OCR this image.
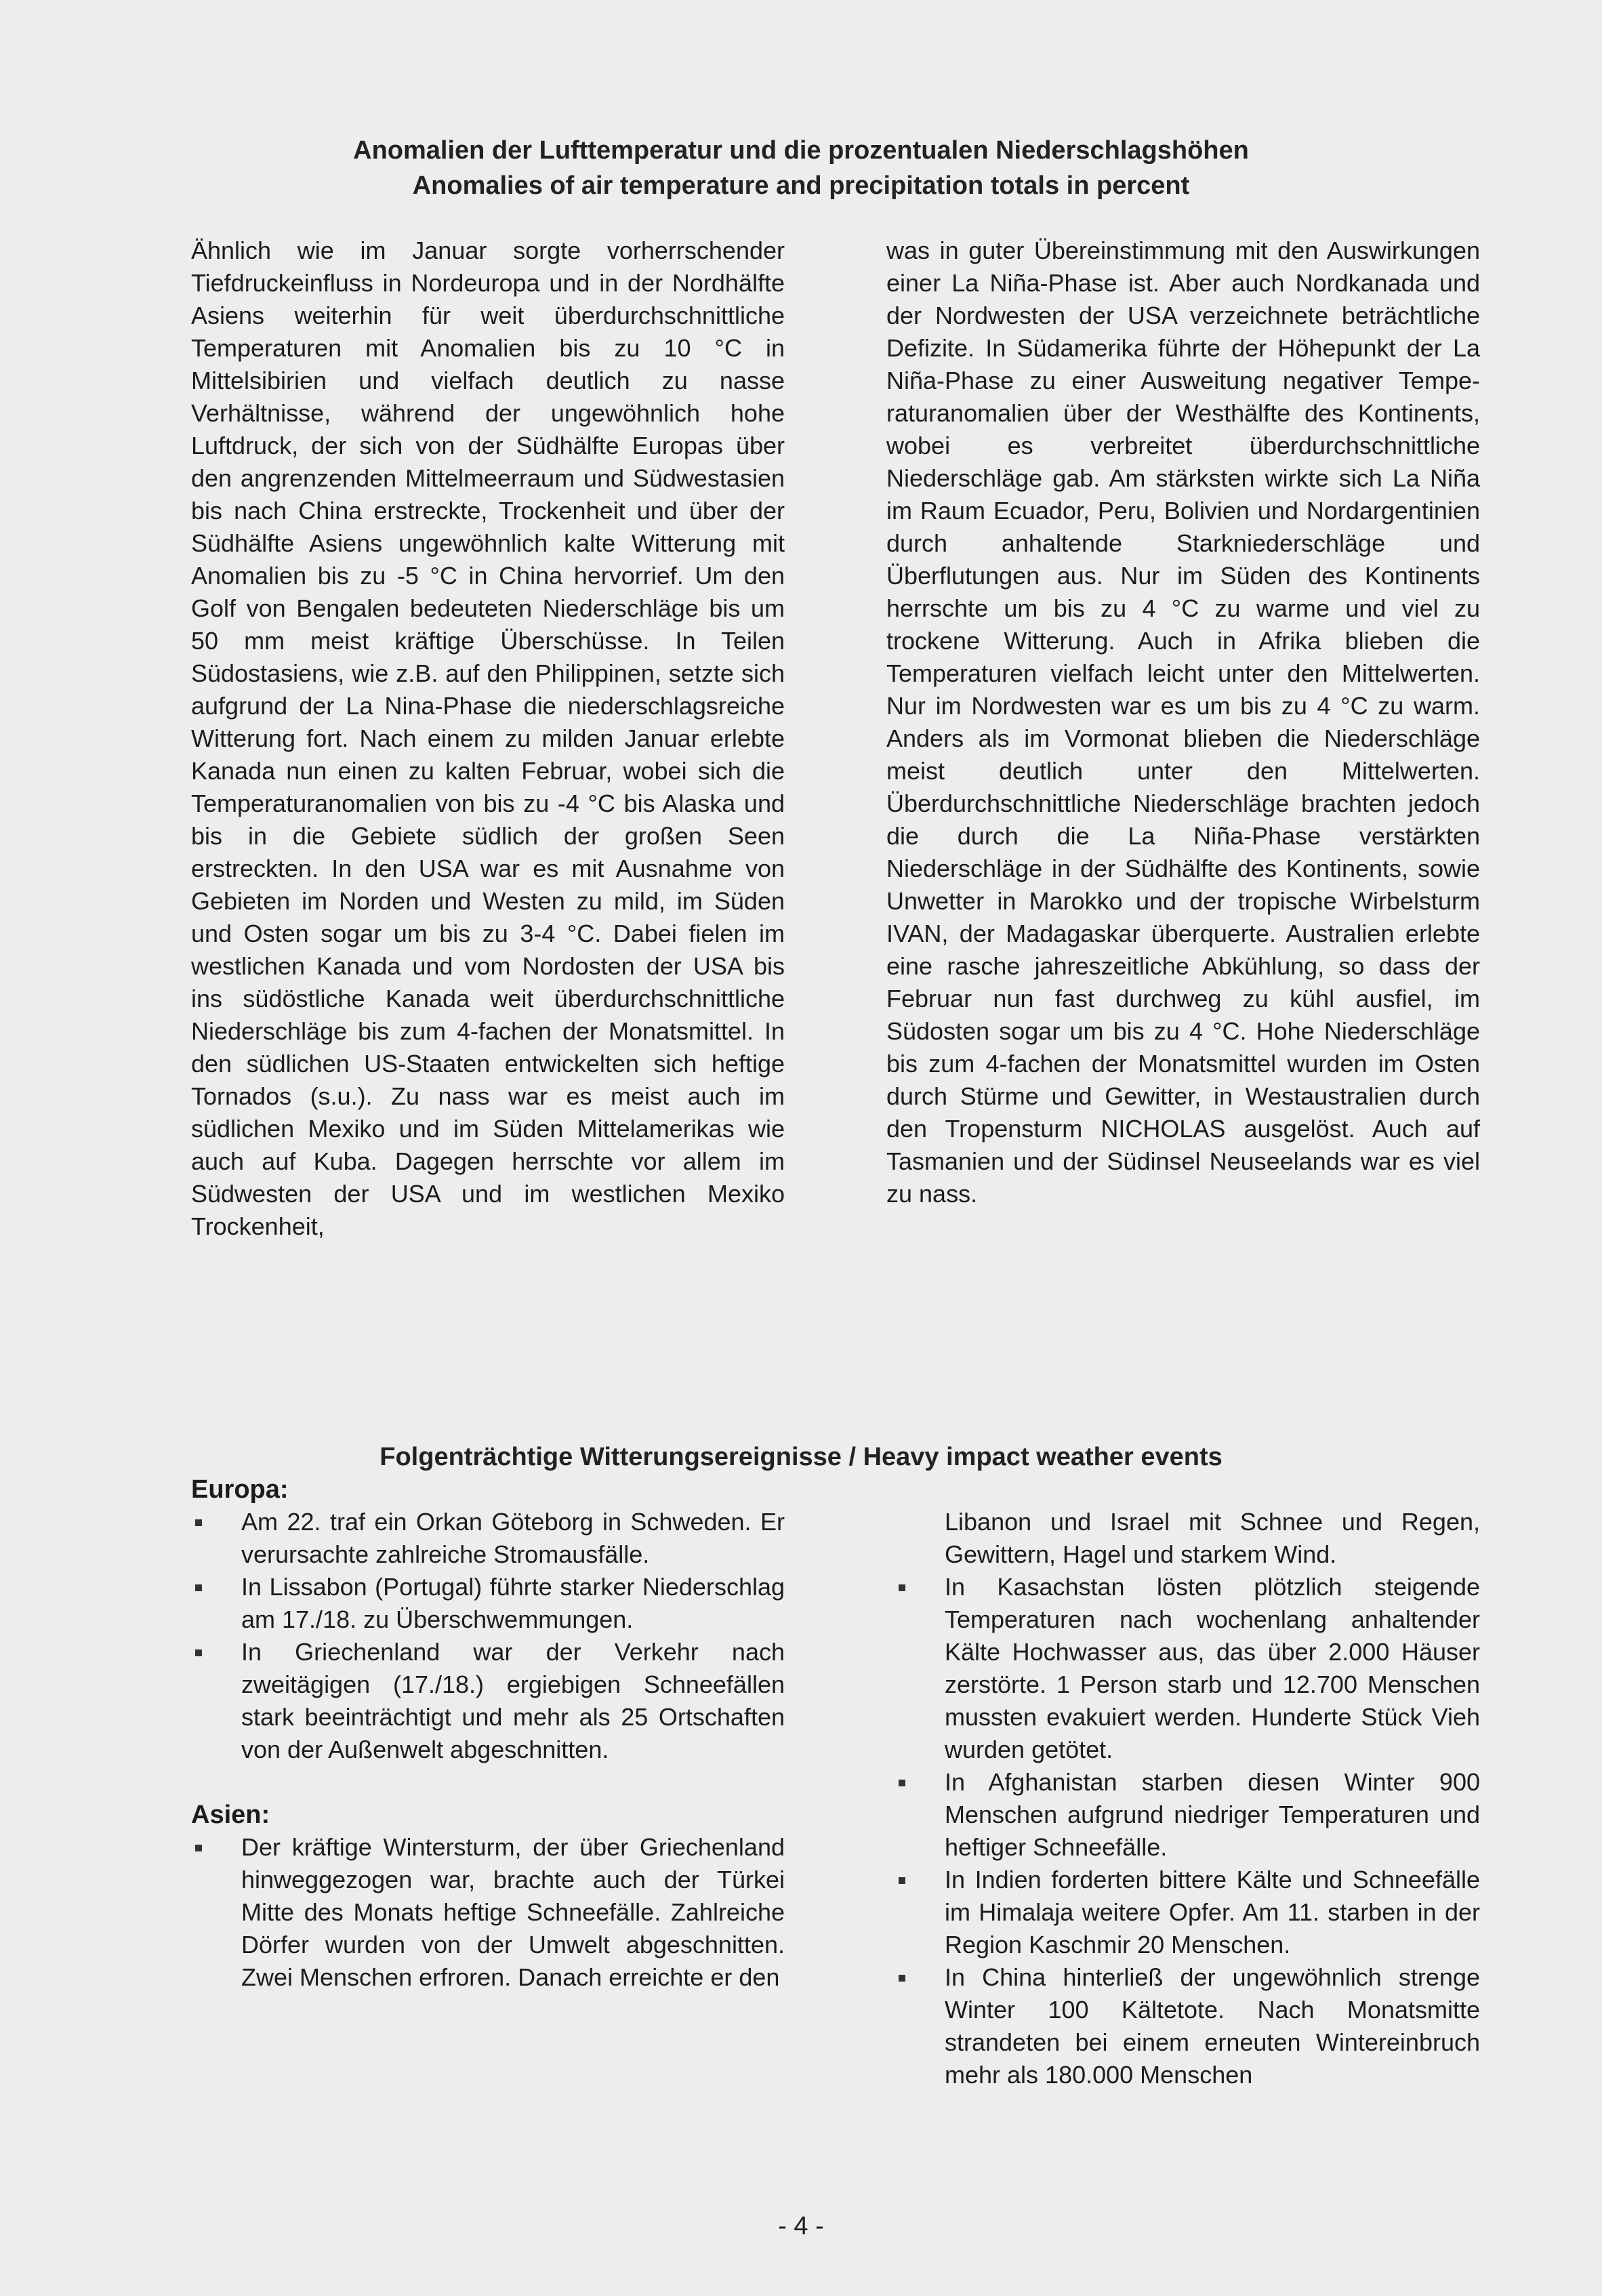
Anomalien der Lufttemperatur und die prozentualen Niederschlagshöhen
Anomalies of air temperature and precipitation totals in percent

Ähnlich wie im Januar sorgte vorherrschender Tiefdruckeinfluss in Nordeuropa und in der Nordhälfte Asiens weiterhin für weit überdurchschnittliche Temperaturen mit Anomalien bis zu 10 °C in Mittelsibirien und vielfach deutlich zu nasse Verhältnisse, während der ungewöhnlich hohe Luftdruck, der sich von der Südhälfte Europas über den angrenzenden Mittelmeerraum und Südwestasien bis nach China erstreckte, Trockenheit und über der Südhälfte Asiens ungewöhnlich kalte Witterung mit Anomalien bis zu -5 °C in China hervorrief. Um den Golf von Bengalen bedeuteten Niederschläge bis um 50 mm meist kräftige Überschüsse. In Teilen Südostasiens, wie z.B. auf den Philippinen, setzte sich aufgrund der La Nina-Phase die niederschlagsreiche Witterung fort. Nach einem zu milden Januar erlebte Kanada nun einen zu kalten Februar, wobei sich die Temperaturanomalien von bis zu -4 °C bis Alaska und bis in die Gebiete südlich der großen Seen erstreckten. In den USA war es mit Ausnahme von Gebieten im Norden und Westen zu mild, im Süden und Osten sogar um bis zu 3-4 °C. Dabei fielen im westlichen Kanada und vom Nordosten der USA bis ins südöstliche Kanada weit überdurchschnittliche Niederschläge bis zum 4-fachen der Monatsmittel. In den südlichen US-Staaten entwickelten sich heftige Tornados (s.u.). Zu nass war es meist auch im südlichen Mexiko und im Süden Mittelamerikas wie auch auf Kuba. Dagegen herrschte vor allem im Südwesten der USA und im westlichen Mexiko Trockenheit,

was in guter Übereinstimmung mit den Auswirkungen einer La Niña-Phase ist. Aber auch Nordkanada und der Nordwesten der USA verzeichnete beträchtliche Defizite. In Südamerika führte der Höhepunkt der La Niña-Phase zu einer Ausweitung negativer Temperaturanomalien über der Westhälfte des Kontinents, wobei es verbreitet überdurchschnittliche Niederschläge gab. Am stärksten wirkte sich La Niña im Raum Ecuador, Peru, Bolivien und Nordargentinien durch anhaltende Starkniederschläge und Überflutungen aus. Nur im Süden des Kontinents herrschte um bis zu 4 °C zu warme und viel zu trockene Witterung. Auch in Afrika blieben die Temperaturen vielfach leicht unter den Mittelwerten. Nur im Nordwesten war es um bis zu 4 °C zu warm. Anders als im Vormonat blieben die Niederschläge meist deutlich unter den Mittelwerten. Überdurchschnittliche Niederschläge brachten jedoch die durch die La Niña-Phase verstärkten Niederschläge in der Südhälfte des Kontinents, sowie Unwetter in Marokko und der tropische Wirbelsturm IVAN, der Madagaskar überquerte. Australien erlebte eine rasche jahreszeitliche Abkühlung, so dass der Februar nun fast durchweg zu kühl ausfiel, im Südosten sogar um bis zu 4 °C. Hohe Niederschläge bis zum 4-fachen der Monatsmittel wurden im Osten durch Stürme und Gewitter, in Westaustralien durch den Tropensturm NICHOLAS ausgelöst. Auch auf Tasmanien und der Südinsel Neuseelands war es viel zu nass.

Folgenträchtige Witterungsereignisse / Heavy impact weather events
Europa:
Am 22. traf ein Orkan Göteborg in Schweden. Er verursachte zahlreiche Stromausfälle.
In Lissabon (Portugal) führte starker Niederschlag am 17./18. zu Überschwemmungen.
In Griechenland war der Verkehr nach zweitägigen (17./18.) ergiebigen Schneefällen stark beeinträchtigt und mehr als 25 Ortschaften von der Außenwelt abgeschnitten.
Asien:
Der kräftige Wintersturm, der über Griechenland hinweggezogen war, brachte auch der Türkei Mitte des Monats heftige Schneefälle. Zahlreiche Dörfer wurden von der Umwelt abgeschnitten. Zwei Menschen erfroren. Danach erreichte er den
Libanon und Israel mit Schnee und Regen, Gewittern, Hagel und starkem Wind.
In Kasachstan lösten plötzlich steigende Temperaturen nach wochenlang anhaltender Kälte Hochwasser aus, das über 2.000 Häuser zerstörte. 1 Person starb und 12.700 Menschen mussten evakuiert werden. Hunderte Stück Vieh wurden getötet.
In Afghanistan starben diesen Winter 900 Menschen aufgrund niedriger Temperaturen und heftiger Schneefälle.
In Indien forderten bittere Kälte und Schneefälle im Himalaja weitere Opfer. Am 11. starben in der Region Kaschmir 20 Menschen.
In China hinterließ der ungewöhnlich strenge Winter 100 Kältetote. Nach Monatsmitte strandeten bei einem erneuten Wintereinbruch mehr als 180.000 Menschen
- 4 -
